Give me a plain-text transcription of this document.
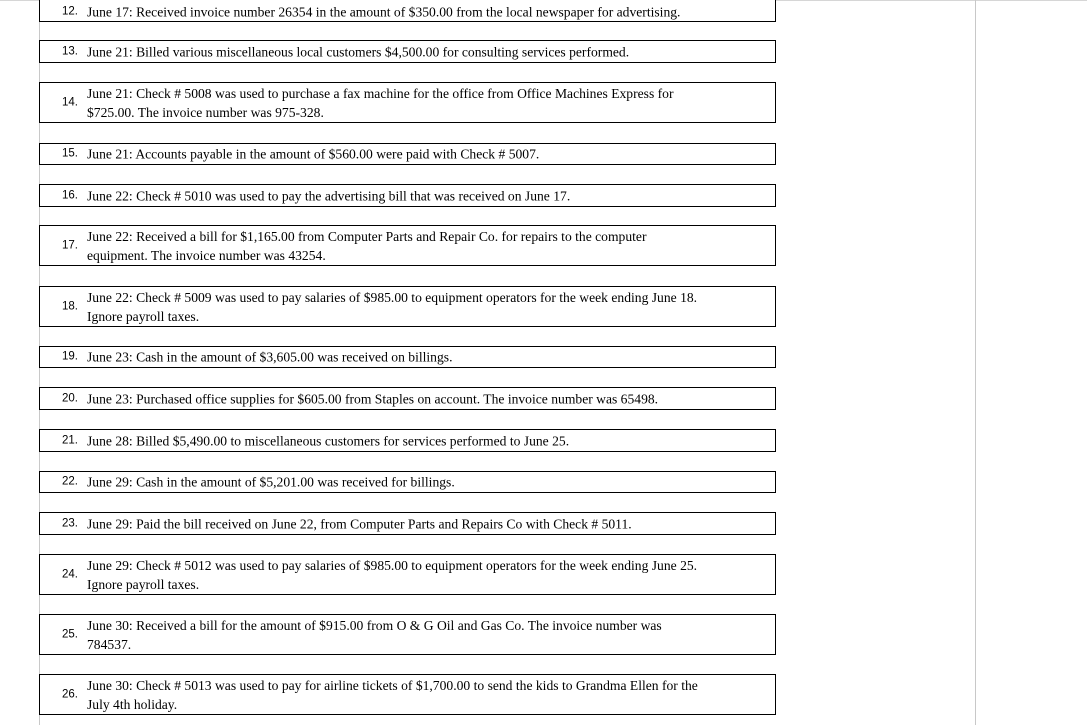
12. June 17: Received invoice number 26354 in the amount of $350.00 from the local newspaper for advertising.
13. June 21: Billed various miscellaneous local customers $4,500.00 for consulting services performed.
14.
June 21: Check # 5008 was used to purchase a fax machine for the office from Office Machines Express for
$725.00. The invoice number was 975-328.
15. June 21: Accounts payable in the amount of $560.00 were paid with Check # 5007.
16. June 22: Check # 5010 was used to pay the advertising bill that was received on June 17.
17.
June 22: Received a bill for $1,165.00 from Computer Parts and Repair Co. for repairs to the computer
equipment. The invoice number was 43254.
18.
June 22: Check # 5009 was used to pay salaries of $985.00 to equipment operators for the week ending June 18.
Ignore payroll taxes.
19. June 23: Cash in the amount of $3,605.00 was received on billings.
20. June 23: Purchased office supplies for $605.00 from Staples on account. The invoice number was 65498.
21. June 28: Billed $5,490.00 to miscellaneous customers for services performed to June 25.
22. June 29: Cash in the amount of $5,201.00 was received for billings.
23. June 29: Paid the bill received on June 22, from Computer Parts and Repairs Co with Check # 5011.
24.
June 29: Check # 5012 was used to pay salaries of $985.00 to equipment operators for the week ending June 25.
Ignore payroll taxes.
25.
June 30: Received a bill for the amount of $915.00 from O & G Oil and Gas Co. The invoice number was
784537.
26.
June 30: Check # 5013 was used to pay for airline tickets of $1,700.00 to send the kids to Grandma Ellen for the
July 4th holiday.
